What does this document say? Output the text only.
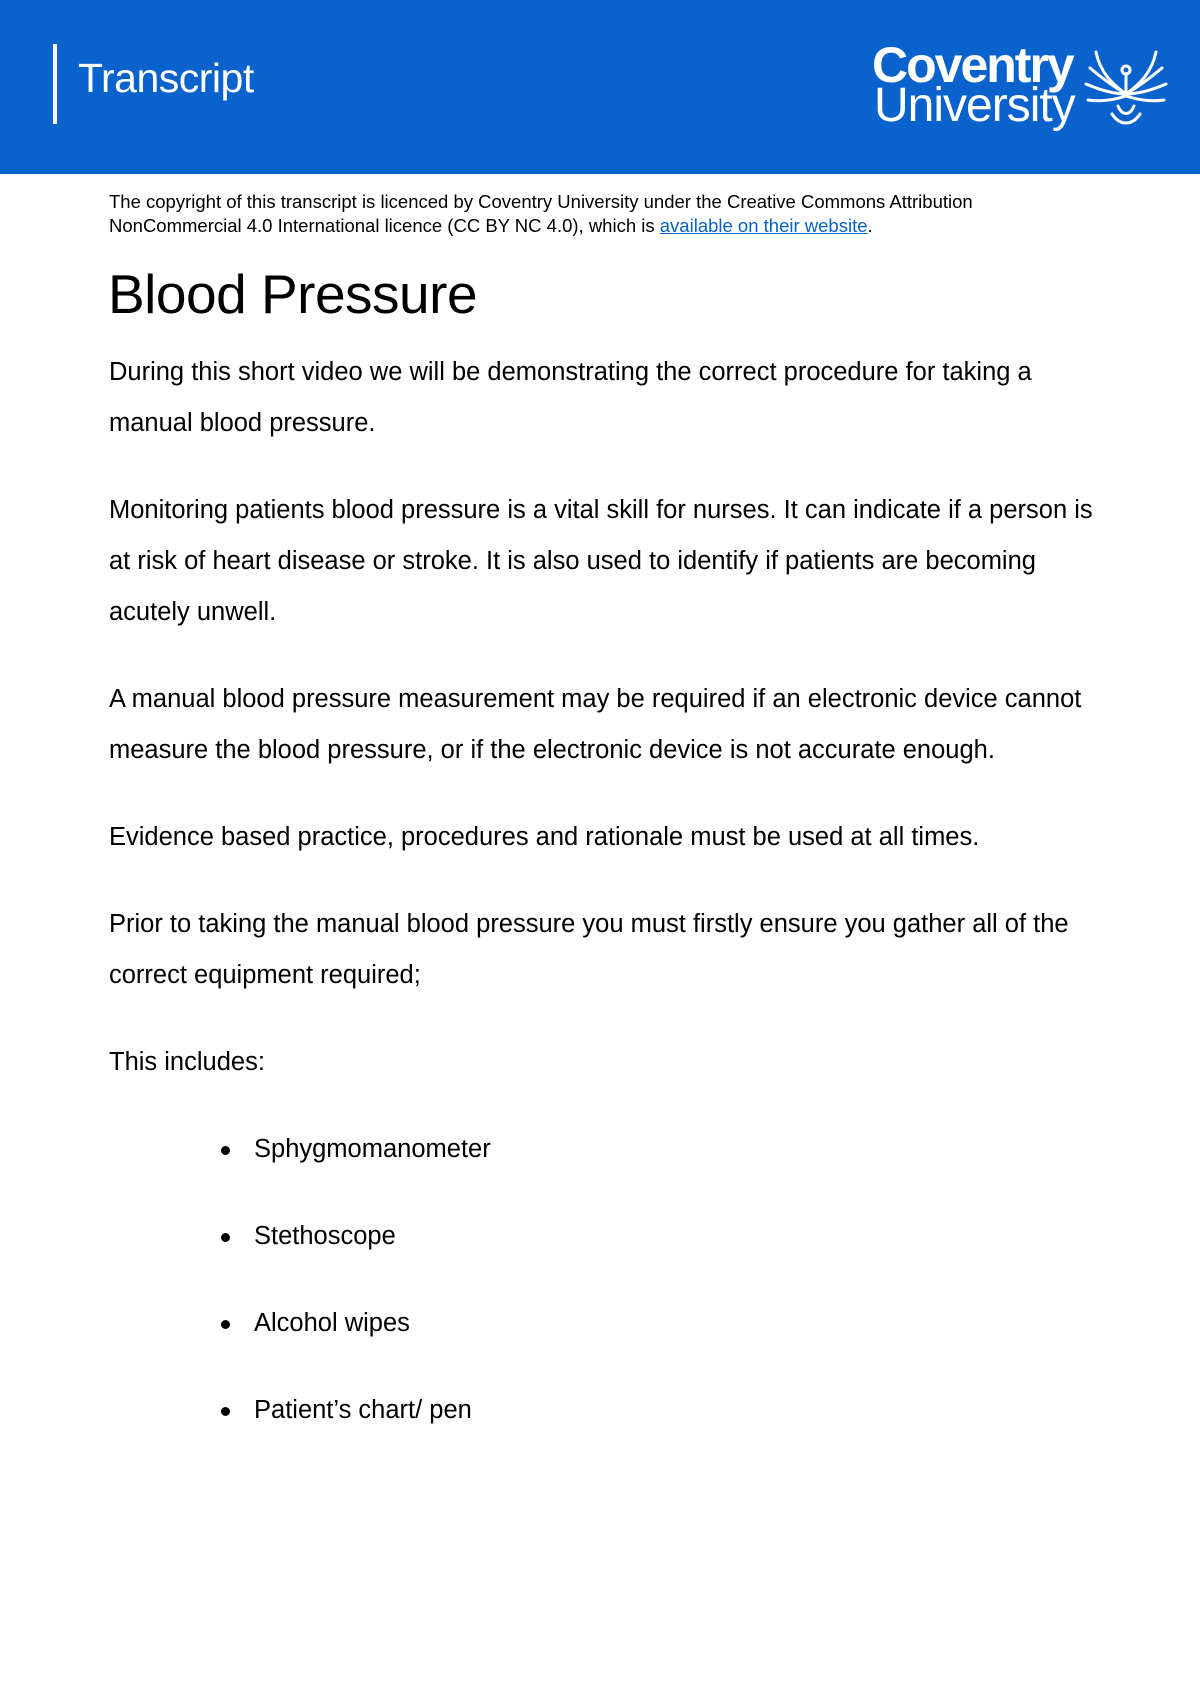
Transcript	Coventry
University
The copyright of this transcript is licenced by Coventry University under the Creative Commons Attribution NonCommercial 4.0 International licence (CC BY NC 4.0), which is available on their website.
Blood Pressure

During this short video we will be demonstrating the correct procedure for taking a manual blood pressure.

Monitoring patients blood pressure is a vital skill for nurses. It can indicate if a person is at risk of heart disease or stroke. It is also used to identify if patients are becoming acutely unwell.

A manual blood pressure measurement may be required if an electronic device cannot measure the blood pressure, or if the electronic device is not accurate enough.

Evidence based practice, procedures and rationale must be used at all times.

Prior to taking the manual blood pressure you must firstly ensure you gather all of the correct equipment required;

This includes:

Sphygmomanometer
Stethoscope
Alcohol wipes
Patient’s chart/ pen
